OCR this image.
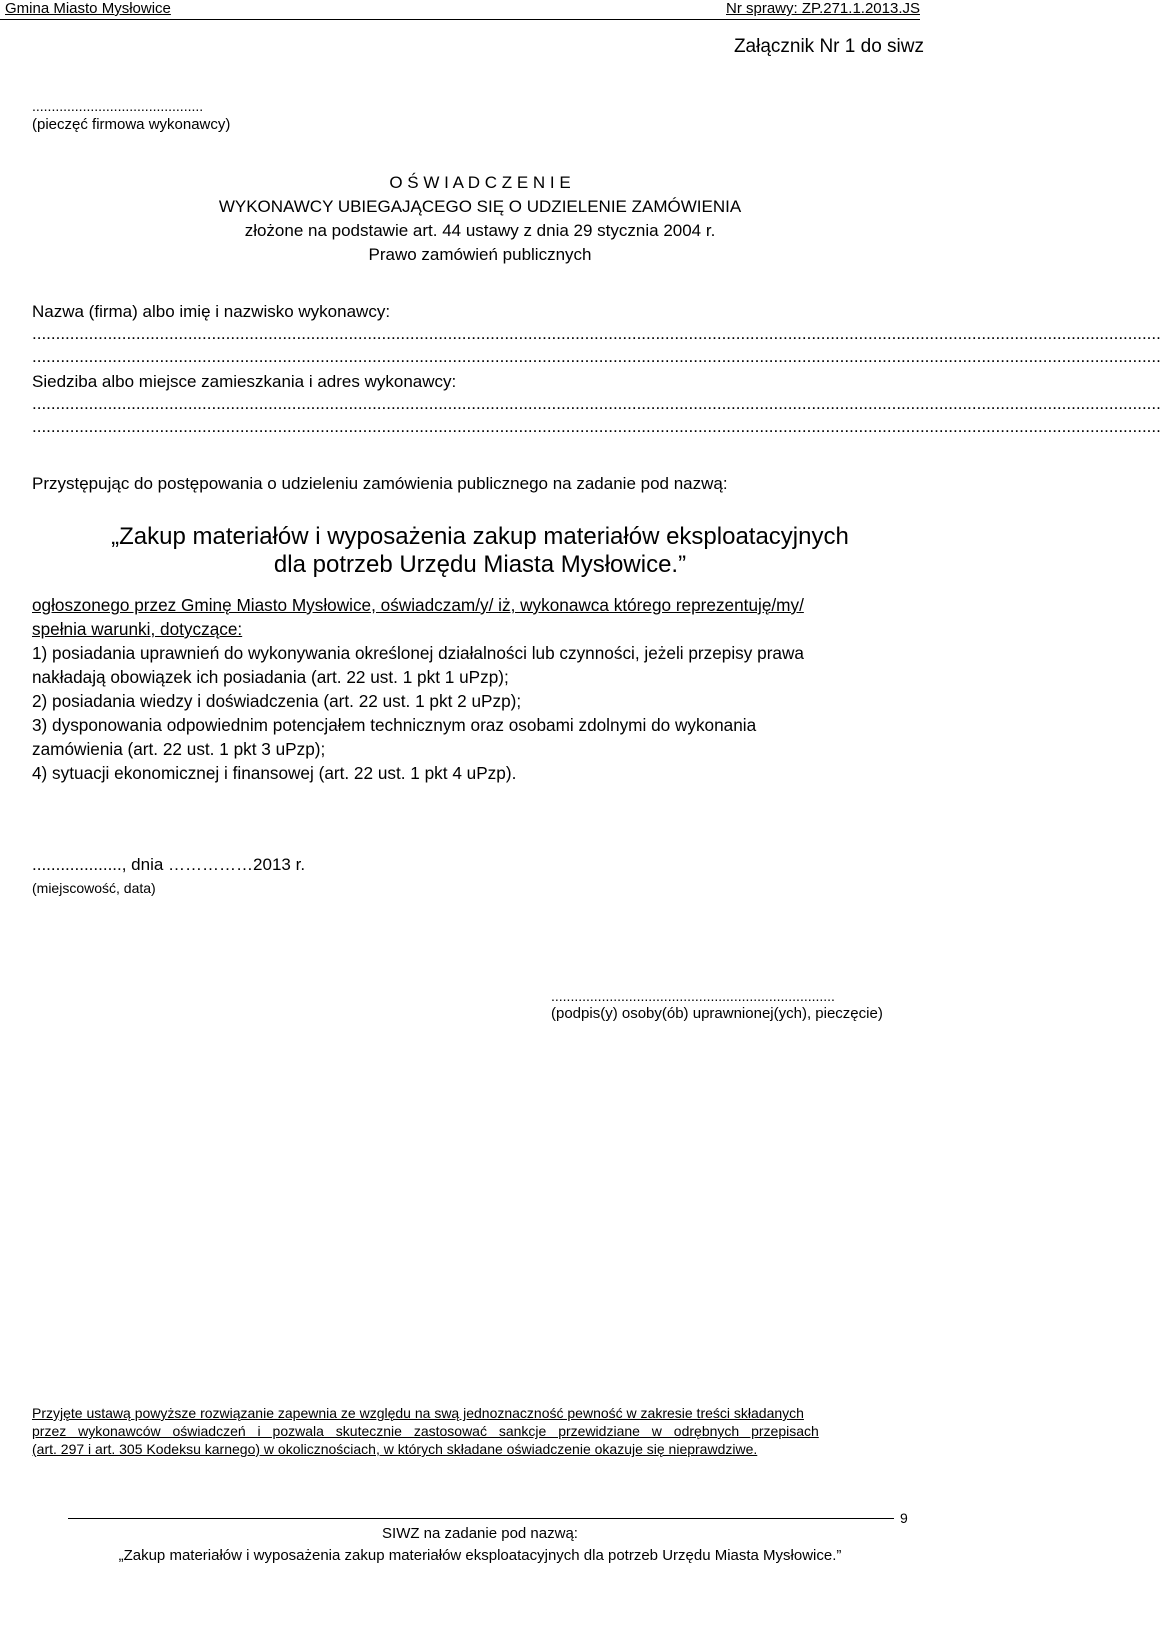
Gmina Miasto Mysłowice	Nr sprawy: ZP.271.1.2013.JS
Załącznik Nr 1 do siwz
............................................
(pieczęć firmowa wykonawcy)
O Ś W I A D C Z E N I E
WYKONAWCY UBIEGAJĄCEGO SIĘ O UDZIELENIE ZAMÓWIENIA
złożone na podstawie art. 44 ustawy z dnia 29 stycznia 2004 r.
Prawo zamówień publicznych
Nazwa (firma) albo imię i nazwisko wykonawcy:
...............................................................................................................................................................................................................................................
...............................................................................................................................................................................................................................................
Siedziba albo miejsce zamieszkania i adres wykonawcy:
...............................................................................................................................................................................................................................................
...............................................................................................................................................................................................................................................
Przystępując do postępowania o udzieleniu zamówienia publicznego na zadanie pod nazwą:
„Zakup materiałów i wyposażenia zakup materiałów eksploatacyjnych
dla potrzeb Urzędu Miasta Mysłowice.”
ogłoszonego przez Gminę Miasto Mysłowice, oświadczam/y/ iż, wykonawca którego reprezentuję/my/
spełnia warunki, dotyczące:
1) posiadania uprawnień do wykonywania określonej działalności lub czynności, jeżeli przepisy prawa
nakładają obowiązek ich posiadania (art. 22 ust. 1 pkt 1 uPzp);
2) posiadania wiedzy i doświadczenia (art. 22 ust. 1 pkt 2 uPzp);
3) dysponowania odpowiednim potencjałem technicznym oraz osobami zdolnymi do wykonania
zamówienia (art. 22 ust. 1 pkt 3 uPzp);
4) sytuacji ekonomicznej i finansowej (art. 22 ust. 1 pkt 4 uPzp).
..................., dnia ……………2013 r.
(miejscowość, data)
.........................................................................
(podpis(y) osoby(ób) uprawnionej(ych), pieczęcie)
Przyjęte ustawą powyższe rozwiązanie zapewnia ze względu na swą jednoznaczność pewność w zakresie treści składanych
przez wykonawców oświadczeń i pozwala skutecznie zastosować sankcje przewidziane w odrębnych przepisach
(art. 297 i art. 305 Kodeksu karnego) w okolicznościach, w których składane oświadczenie okazuje się nieprawdziwe.
9
SIWZ na zadanie pod nazwą:
„Zakup materiałów i wyposażenia zakup materiałów eksploatacyjnych dla potrzeb Urzędu Miasta Mysłowice.”
